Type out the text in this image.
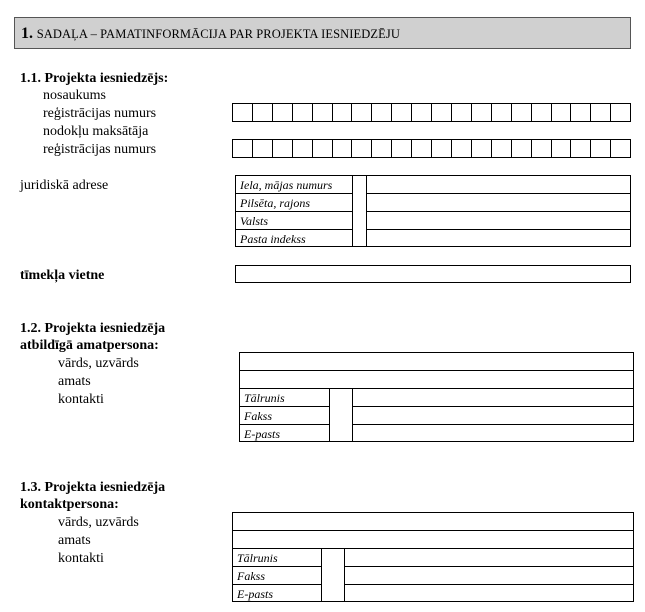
1. SADAĻA – PAMATINFORMĀCIJA PAR PROJEKTA IESNIEDZĒJU
1.1. Projekta iesniedzējs:
nosaukums
reģistrācijas numurs
nodokļu maksātāja
reģistrācijas numurs
juridiskā adrese	Iela, mājas numurs
Pilsēta, rajons
Valsts
Pasta indekss
tīmekļa vietne
1.2. Projekta iesniedzēja
atbildīgā amatpersona:
vārds, uzvārds
amats
kontakti	Tālrunis
Fakss
E-pasts
1.3. Projekta iesniedzēja
kontaktpersona:
vārds, uzvārds
amats
kontakti	Tālrunis
Fakss
E-pasts
